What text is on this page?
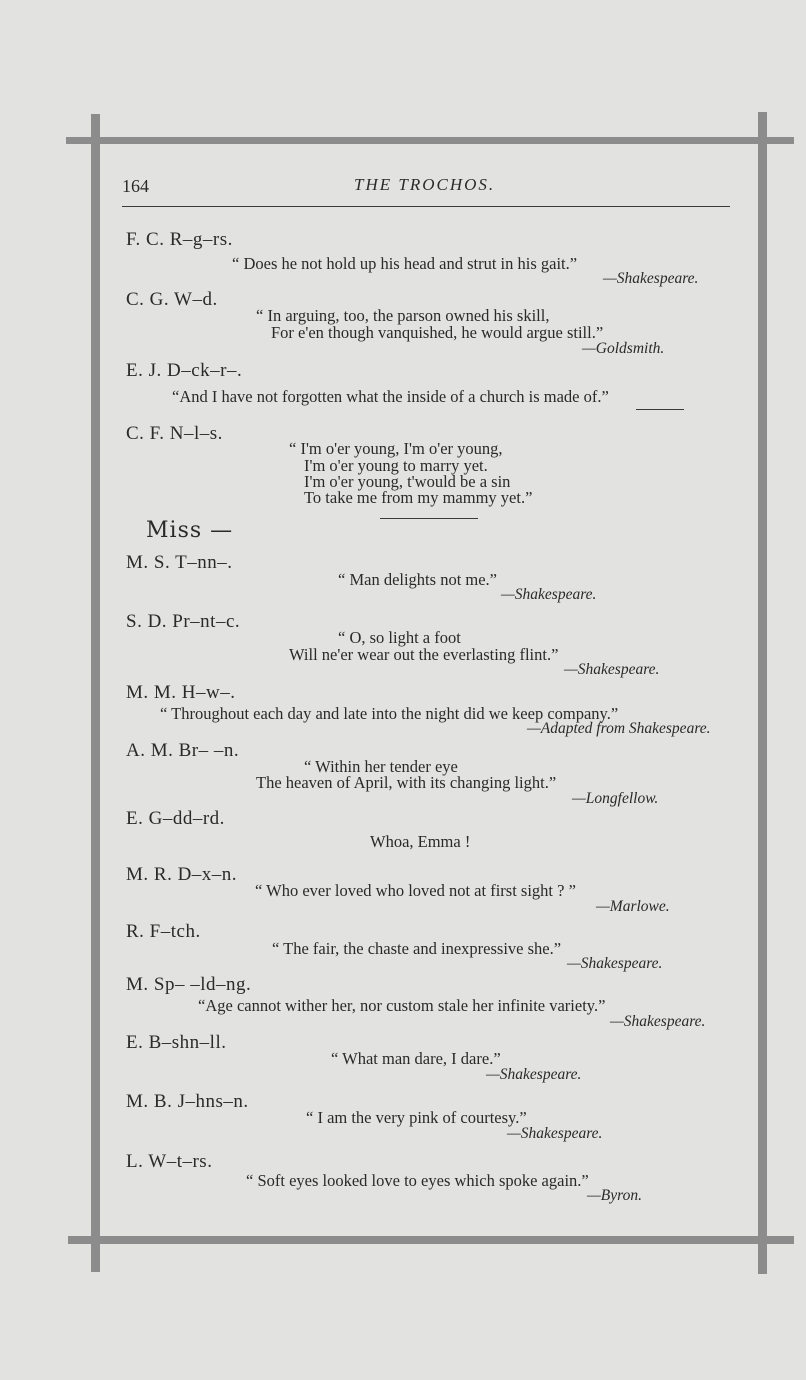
164	THE TROCHOS.
F. C. R–g–rs.
“ Does he not hold up his head and strut in his gait.”
—Shakespeare.
C. G. W–d.
“ In arguing, too, the parson owned his skill,
For e'en though vanquished, he would argue still.”
—Goldsmith.
E. J. D–ck–r–.
“And I have not forgotten what the inside of a church is made of.”
C. F. N–l–s.
“ I'm o'er young, I'm o'er young,
I'm o'er young to marry yet.
I'm o'er young, t'would be a sin
To take me from my mammy yet.”
Miss —
M. S. T–nn–.
“ Man delights not me.”
—Shakespeare.
S. D. Pr–nt–c.
“ O, so light a foot
Will ne'er wear out the everlasting flint.”
—Shakespeare.
M. M. H–w–.
“ Throughout each day and late into the night did we keep company.”
—Adapted from Shakespeare.
A. M. Br– –n.
“ Within her tender eye
The heaven of April, with its changing light.”
—Longfellow.
E. G–dd–rd.
Whoa, Emma !
M. R. D–x–n.
“ Who ever loved who loved not at first sight ? ”
—Marlowe.
R. F–tch.
“ The fair, the chaste and inexpressive she.”
—Shakespeare.
M. Sp– –ld–ng.
“Age cannot wither her, nor custom stale her infinite variety.”
—Shakespeare.
E. B–shn–ll.
“ What man dare, I dare.”
—Shakespeare.
M. B. J–hns–n.
“ I am the very pink of courtesy.”
—Shakespeare.
L. W–t–rs.
“ Soft eyes looked love to eyes which spoke again.”
—Byron.
